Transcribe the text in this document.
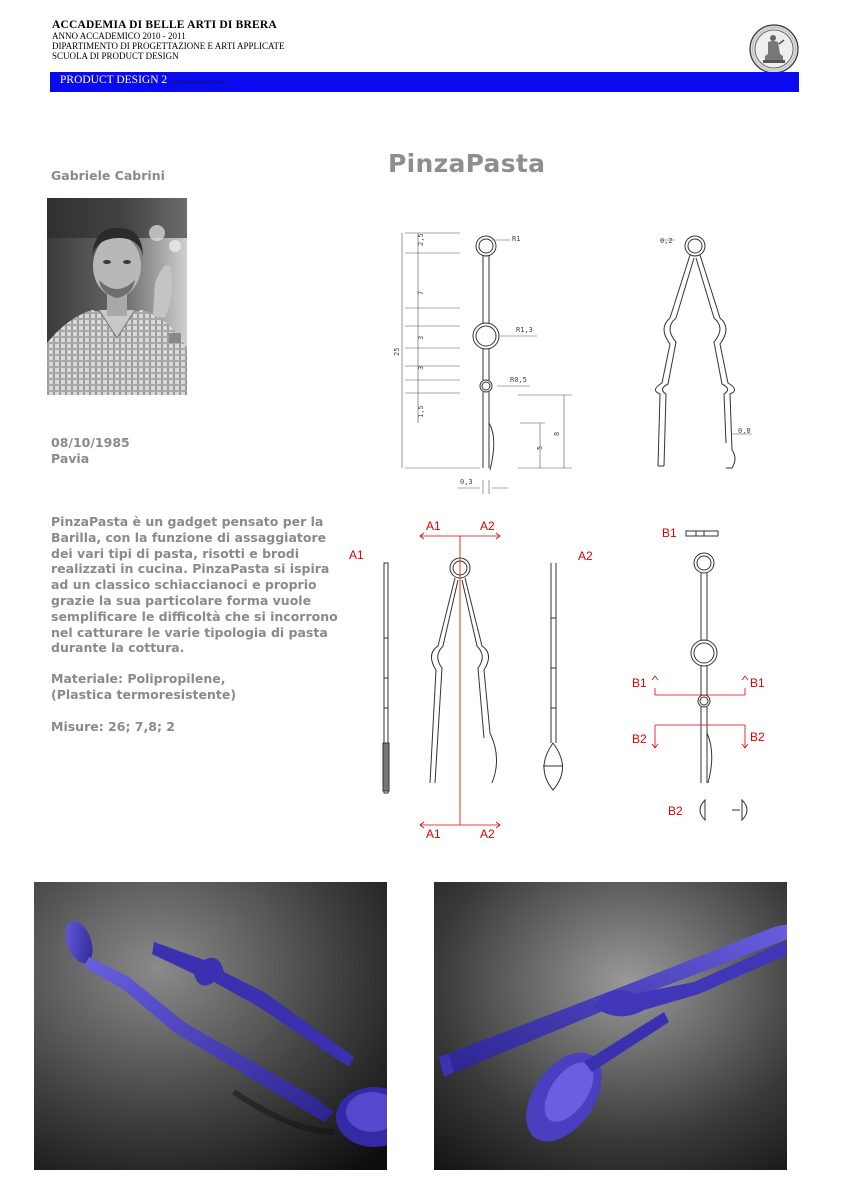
ACCADEMIA DI BELLE ARTI DI BRERA
ANNO ACCADEMICO 2010 - 2011
DIPARTIMENTO DI PROGETTAZIONE E ARTI APPLICATE
SCUOLA DI PRODUCT DESIGN
PRODUCT DESIGN 2 prof.ssa Alessandra Pacifici
Gabriele Cabrini
08/10/1985
Pavia
PinzaPasta è un gadget pensato per la Barilla, con la funzione di assaggiatore dei vari tipi di pasta, risotti e brodi realizzati in cucina. PinzaPasta si ispira ad un classico schiaccianoci e proprio grazie la sua particolare forma vuole semplificare le difficoltà che si incorrono nel catturare le varie tipologia di pasta durante la cottura.
Materiale: Polipropilene,
(Plastica termoresistente)
Misure: 26; 7,8; 2
PinzaPasta
2,5
7
3
3
1,5
25
R1
R1,3
R0,5
8
5
0,3
0,2
0,8
A1	A2
A1	A2
A1	A2
B1	B1
B2	B2
B1
B2
